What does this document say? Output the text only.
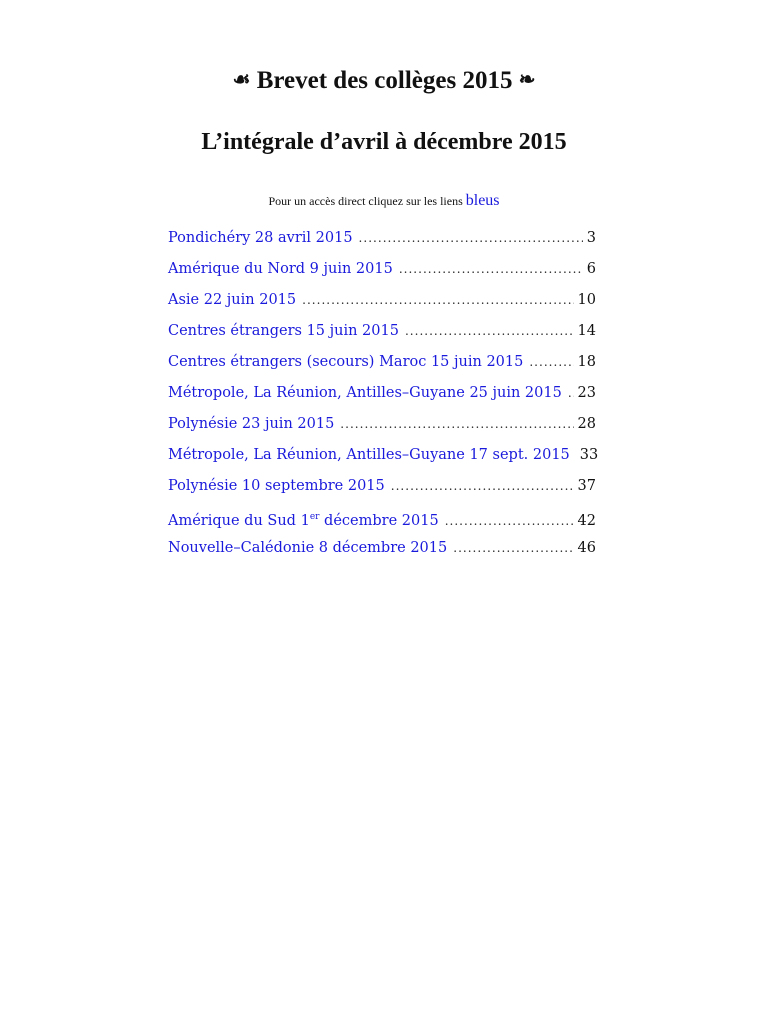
☙ Brevet des collèges 2015 ❧
L’intégrale d’avril à décembre 2015
Pour un accès direct cliquez sur les liens bleus
Pondichéry 28 avril 2015 . . .	3
Amérique du Nord 9 juin 2015 . . .	6
Asie 22 juin 2015 . . .	10
Centres étrangers 15 juin 2015 . . .	14
Centres étrangers (secours) Maroc 15 juin 2015 . . .	18
Métropole, La Réunion, Antilles–Guyane 25 juin 2015 . . . 23
Polynésie 23 juin 2015 . . .	28
Métropole, La Réunion, Antilles–Guyane 17 sept. 2015 33
Polynésie 10 septembre 2015 . . .	37
Amérique du Sud 1er décembre 2015 . . .	42
Nouvelle–Calédonie 8 décembre 2015 . . .	46
